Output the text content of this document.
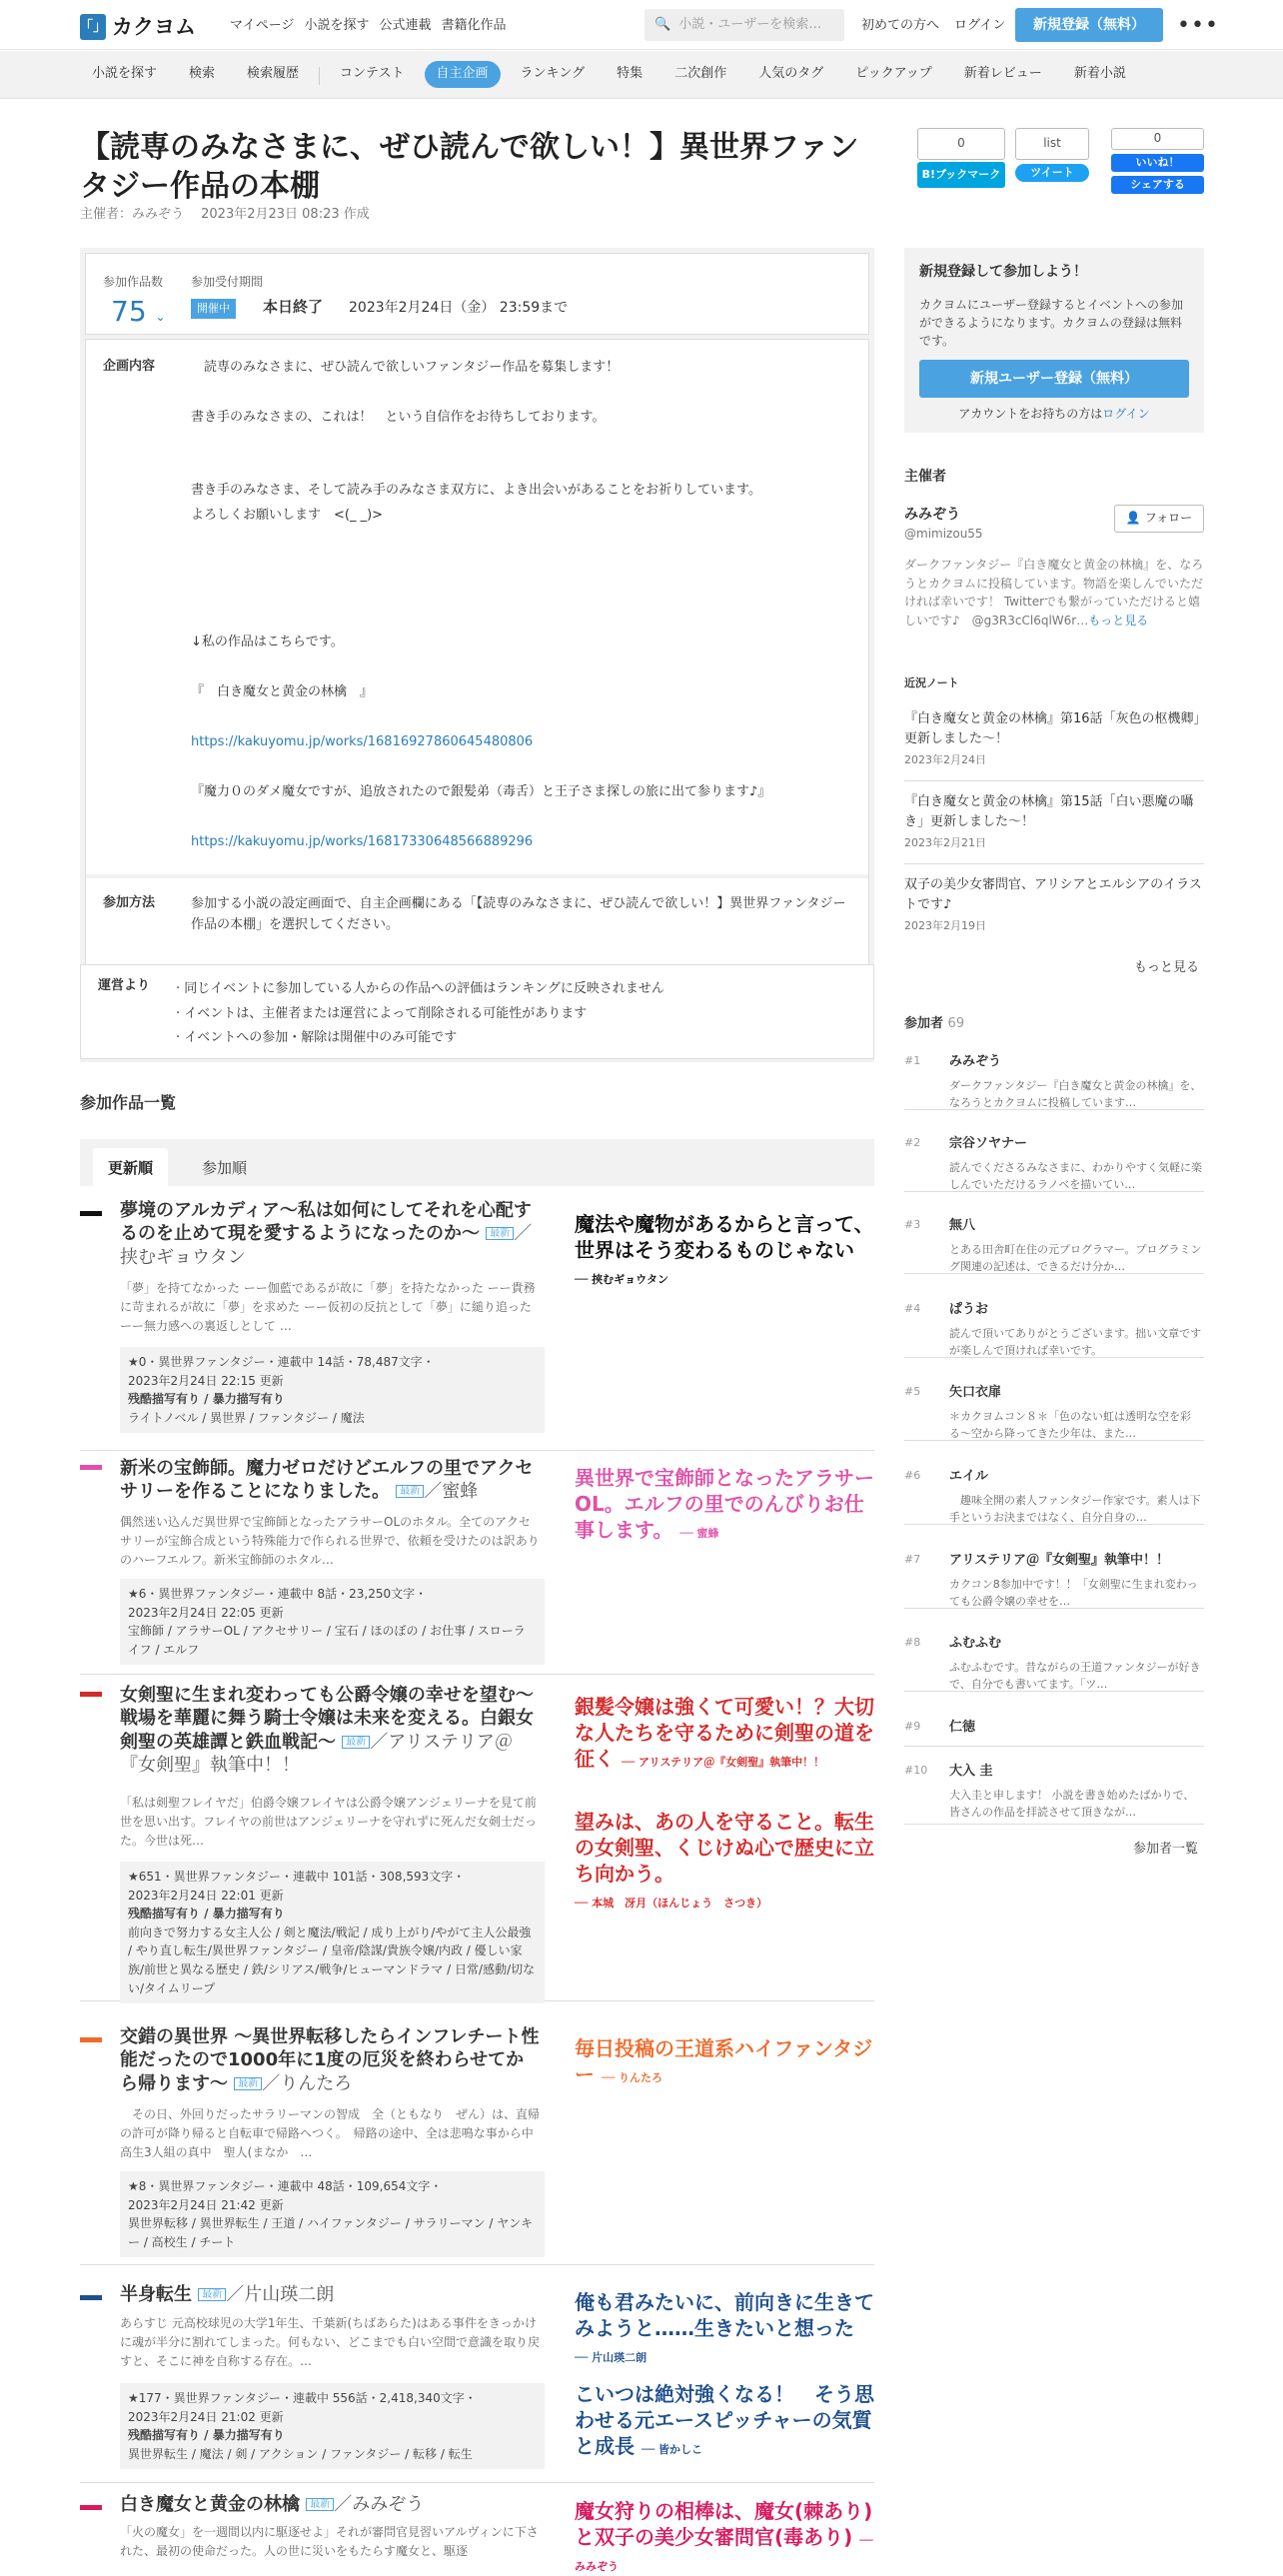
「」 カクヨム	マイページ 小説を探す 公式連載 書籍化作品	🔍 小説・ユーザーを検索…	初めての方へ ログイン	新規登録（無料）	•••
小説を探す	検索	検索履歴	コンテスト	自主企画	ランキング	特集	二次創作	人気のタグ	ピックアップ	新着レビュー	新着小説
【読専のみなさまに、ぜひ読んで欲しい！】異世界ファンタジー作品の本棚
主催者：みみぞう　 2023年2月23日 08:23 作成
0
B!ブックマーク
list
ツイート
0
いいね！
シェアする
参加作品数
75 ⌄
参加受付期間
開催中	本日終了 2023年2月24日（金） 23:59まで
企画内容	　読専のみなさまに、ぜひ読んで欲しいファンタジー作品を募集します！
書き手のみなさまの、これは！　という自信作をお待ちしております。
書き手のみなさま、そして読み手のみなさま双方に、よき出会いがあることをお祈りしています。
よろしくお願いします　<(_ _)>
↓私の作品はこちらです。
『　白き魔女と黄金の林檎　』
https://kakuyomu.jp/works/16816927860645480806
『魔力０のダメ魔女ですが、追放されたので銀髪弟（毒舌）と王子さま探しの旅に出て参ります♪』
https://kakuyomu.jp/works/16817330648566889296
参加方法	参加する小説の設定画面で、自主企画欄にある「【読専のみなさまに、ぜひ読んで欲しい！】異世界ファンタジー作品の本棚」を選択してください。
運営より · 同じイベントに参加している人からの作品への評価はランキングに反映されません
· イベントは、主催者または運営によって削除される可能性があります
· イベントへの参加・解除は開催中のみ可能です
参加作品一覧
更新順	参加順
夢境のアルカディア〜私は如何にしてそれを心配するのを止めて現を愛するようになったのか〜 最新 ／挟むギョウタン
「夢」を持てなかった ーー伽藍であるが故に「夢」を持たなかった ーー貴務に苛まれるが故に「夢」を求めた ーー仮初の反抗として「夢」に縋り追った ーー無力感への裏返しとして …
★0・異世界ファンタジー・連載中 14話・78,487文字・
2023年2月24日 22:15 更新
残酷描写有り / 暴力描写有り
ライトノベル / 異世界 / ファンタジー / 魔法
魔法や魔物があるからと言って、世界はそう変わるものじゃない ── 挟むギョウタン
新米の宝飾師。魔力ゼロだけどエルフの里でアクセサリーを作ることになりました。 最新 ／蜜蜂
偶然迷い込んだ異世界で宝飾師となったアラサーOLのホタル。全てのアクセサリーが宝飾合成という特殊能力で作られる世界で、依頼を受けたのは訳ありのハーフエルフ。新米宝飾師のホタル…
★6・異世界ファンタジー・連載中 8話・23,250文字・
2023年2月24日 22:05 更新
宝飾師 / アラサーOL / アクセサリー / 宝石 / ほのぼの / お仕事 / スローライフ / エルフ
異世界で宝飾師となったアラサーOL。エルフの里でのんびりお仕事します。 ── 蜜蜂
女剣聖に生まれ変わっても公爵令嬢の幸せを望む〜戦場を華麗に舞う騎士令嬢は未来を変える。白銀女剣聖の英雄譚と鉄血戦記〜 最新 ／アリステリア＠『女剣聖』執筆中！！
「私は剣聖フレイヤだ」伯爵令嬢フレイヤは公爵令嬢アンジェリーナを見て前世を思い出す。フレイヤの前世はアンジェリーナを守れずに死んだ女剣士だった。今世は死…
★651・異世界ファンタジー・連載中 101話・308,593文字・
2023年2月24日 22:01 更新
残酷描写有り / 暴力描写有り
前向きで努力する女主人公 / 剣と魔法/戦記 / 成り上がり/やがて主人公最強 / やり直し転生/異世界ファンタジー / 皇帝/陰謀/貴族令嬢/内政 / 優しい家族/前世と異なる歴史 / 鉄/シリアス/戦争/ヒューマンドラマ / 日常/感動/切ない/タイムリープ
銀髪令嬢は強くて可愛い！？大切な人たちを守るために剣聖の道を征く ── アリステリア＠『女剣聖』執筆中！！
望みは、あの人を守ること。転生の女剣聖、くじけぬ心で歴史に立ち向かう。 ── 本城　冴月（ほんじょう　さつき）
交錯の異世界 〜異世界転移したらインフレチート性能だったので1000年に1度の厄災を終わらせてから帰ります〜 最新 ／りんたろ
　その日、外回りだったサラリーマンの智成　全（ともなり　ぜん）は、直帰の許可が降り帰ると自転車で帰路へつく。　帰路の途中、全は悲鳴な事から中高生3人組の真中　聖人(まなか　…
★8・異世界ファンタジー・連載中 48話・109,654文字・
2023年2月24日 21:42 更新
異世界転移 / 異世界転生 / 王道 / ハイファンタジー / サラリーマン / ヤンキー / 高校生 / チート
毎日投稿の王道系ハイファンタジー ── りんたろ
半身転生 最新 ／片山瑛二朗
あらすじ 元高校球児の大学1年生、千葉新(ちばあらた)はある事件をきっかけに魂が半分に割れてしまった。何もない、どこまでも白い空間で意識を取り戻すと、そこに神を自称する存在。…
★177・異世界ファンタジー・連載中 556話・2,418,340文字・
2023年2月24日 21:02 更新
残酷描写有り / 暴力描写有り
異世界転生 / 魔法 / 剣 / アクション / ファンタジー / 転移 / 転生
俺も君みたいに、前向きに生きてみようと……生きたいと想った ── 片山瑛二朗
こいつは絶対強くなる！　そう思わせる元エースピッチャーの気質と成長 ── 皆かしこ
白き魔女と黄金の林檎 最新 ／みみぞう
「火の魔女」を一週間以内に駆逐せよ」それが審問官見習いアルヴィンに下された、最初の使命だった。人の世に災いをもたらす魔女と、駆逐
魔女狩りの相棒は、魔女(棘あり)と双子の美少女審問官(毒あり) ── みみぞう
新規登録して参加しよう！
カクヨムにユーザー登録するとイベントへの参加ができるようになります。カクヨムの登録は無料です。
新規ユーザー登録（無料）
アカウントをお持ちの方はログイン
主催者
みみぞう
@mimizou55
👤 フォロー
ダークファンタジー『白き魔女と黄金の林檎』を、なろうとカクヨムに投稿しています。物語を楽しんでいただければ幸いです！ Twitterでも繋がっていただけると嬉しいです♪　@g3R3cCl6qlW6r…もっと見る
近況ノート
『白き魔女と黄金の林檎』第16話「灰色の枢機卿」更新しました〜！
2023年2月24日
『白き魔女と黄金の林檎』第15話「白い悪魔の囁き」更新しました〜！
2023年2月21日
双子の美少女審問官、アリシアとエルシアのイラストです♪
2023年2月19日
もっと見る
参加者 69
#1 みみぞう
ダークファンタジー『白き魔女と黄金の林檎』を、なろうとカクヨムに投稿しています…
#2 宗谷ソヤナー
読んでくださるみなさまに、わかりやすく気軽に楽しんでいただけるラノベを描いてい…
#3 無八
とある田舎町在住の元プログラマー。プログラミング関連の記述は、できるだけ分か…
#4 ぱうお
読んで頂いてありがとうございます。拙い文章ですが楽しんで頂ければ幸いです。
#5 矢口衣扉
＊カクヨムコン８＊「色のない虹は透明な空を彩る〜空から降ってきた少年は、また…
#6 エイル
　趣味全開の素人ファンタジー作家です。素人は下手というお決まではなく、自分自身の…
#7 アリステリア＠『女剣聖』執筆中！！
カクコン8参加中です！！「女剣聖に生まれ変わっても公爵令嬢の幸せを…
#8 ふむふむ
ふむふむです。昔ながらの王道ファンタジーが好きで、自分でも書いてます。「ツ…
#9 仁徳
#10 大入 圭
大入圭と申します！ 小説を書き始めたばかりで、皆さんの作品を拝読させて頂きなが…
参加者一覧
